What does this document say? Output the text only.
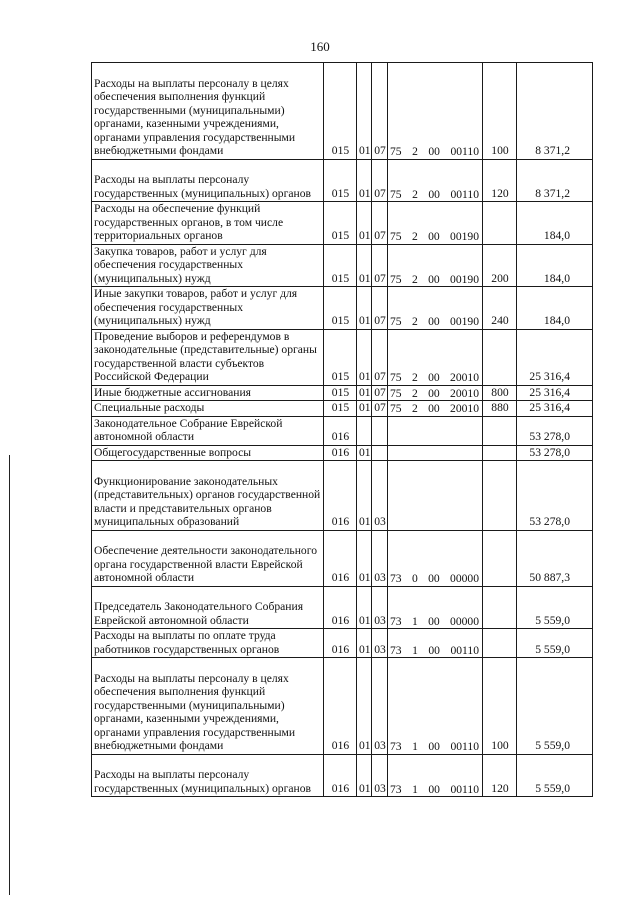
160
Расходы на выплаты персоналу в целях обеспечения выполнения функций государственными (муниципальными) органами, казенными учреждениями, органами управления государственными внебюджетными фондами	015	01	07	75 2 00 00110	100	8 371,2
Расходы на выплаты персоналу государственных (муниципальных) органов	015	01	07	75 2 00 00110	120	8 371,2
Расходы на обеспечение функций государственных органов, в том числе территориальных органов	015	01	07	75 2 00 00190		184,0
Закупка товаров, работ и услуг для обеспечения государственных (муниципальных) нужд	015	01	07	75 2 00 00190	200	184,0
Иные закупки товаров, работ и услуг для обеспечения государственных (муниципальных) нужд	015	01	07	75 2 00 00190	240	184,0
Проведение выборов и референдумов в законодательные (представительные) органы государственной власти субъектов Российской Федерации	015	01	07	75 2 00 20010		25 316,4
Иные бюджетные ассигнования	015	01	07	75 2 00 20010	800	25 316,4
Специальные расходы	015	01	07	75 2 00 20010	880	25 316,4
Законодательное Собрание Еврейской автономной области	016					53 278,0
Общегосударственные вопросы	016	01				53 278,0
Функционирование законодательных (представительных) органов государственной власти и представительных органов муниципальных образований	016	01	03			53 278,0
Обеспечение деятельности законодательного органа государственной власти Еврейской автономной области	016	01	03	73 0 00 00000		50 887,3
Председатель Законодательного Собрания Еврейской автономной области	016	01	03	73 1 00 00000		5 559,0
Расходы на выплаты по оплате труда работников государственных органов	016	01	03	73 1 00 00110		5 559,0
Расходы на выплаты персоналу в целях обеспечения выполнения функций государственными (муниципальными) органами, казенными учреждениями, органами управления государственными внебюджетными фондами	016	01	03	73 1 00 00110	100	5 559,0
Расходы на выплаты персоналу государственных (муниципальных) органов	016	01	03	73 1 00 00110	120	5 559,0
